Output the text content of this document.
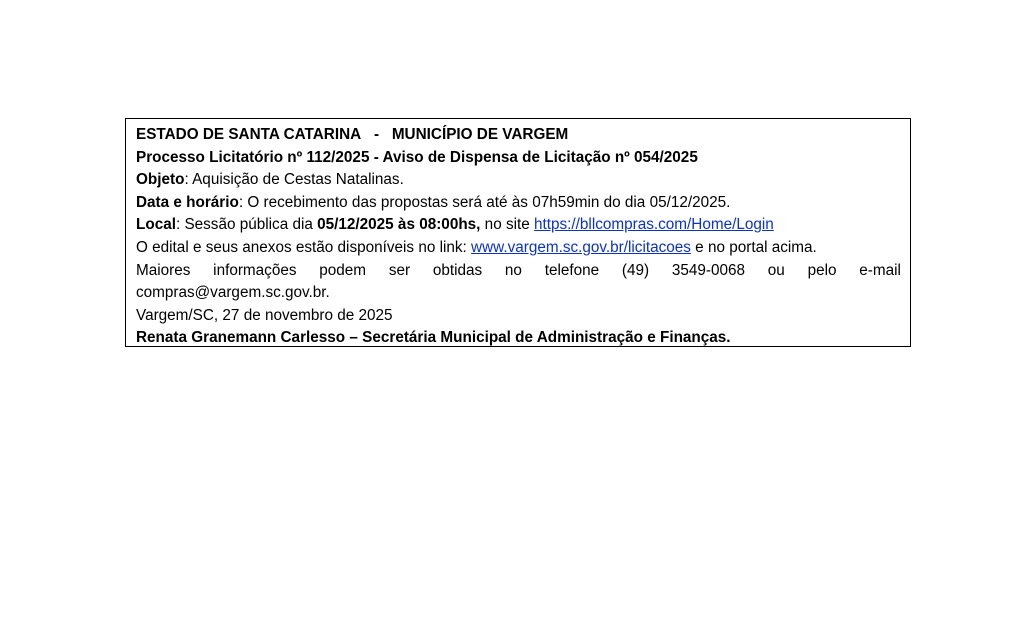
ESTADO DE SANTA CATARINA - MUNICÍPIO DE VARGEM
Processo Licitatório nº 112/2025 - Aviso de Dispensa de Licitação nº 054/2025
Objeto: Aquisição de Cestas Natalinas.
Data e horário: O recebimento das propostas será até às 07h59min do dia 05/12/2025.
Local: Sessão pública dia 05/12/2025 às 08:00hs, no site https://bllcompras.com/Home/Login
O edital e seus anexos estão disponíveis no link: www.vargem.sc.gov.br/licitacoes e no portal acima.
Maiores informações podem ser obtidas no telefone (49) 3549-0068 ou pelo e-mail
compras@vargem.sc.gov.br.
Vargem/SC, 27 de novembro de 2025
Renata Granemann Carlesso – Secretária Municipal de Administração e Finanças.
